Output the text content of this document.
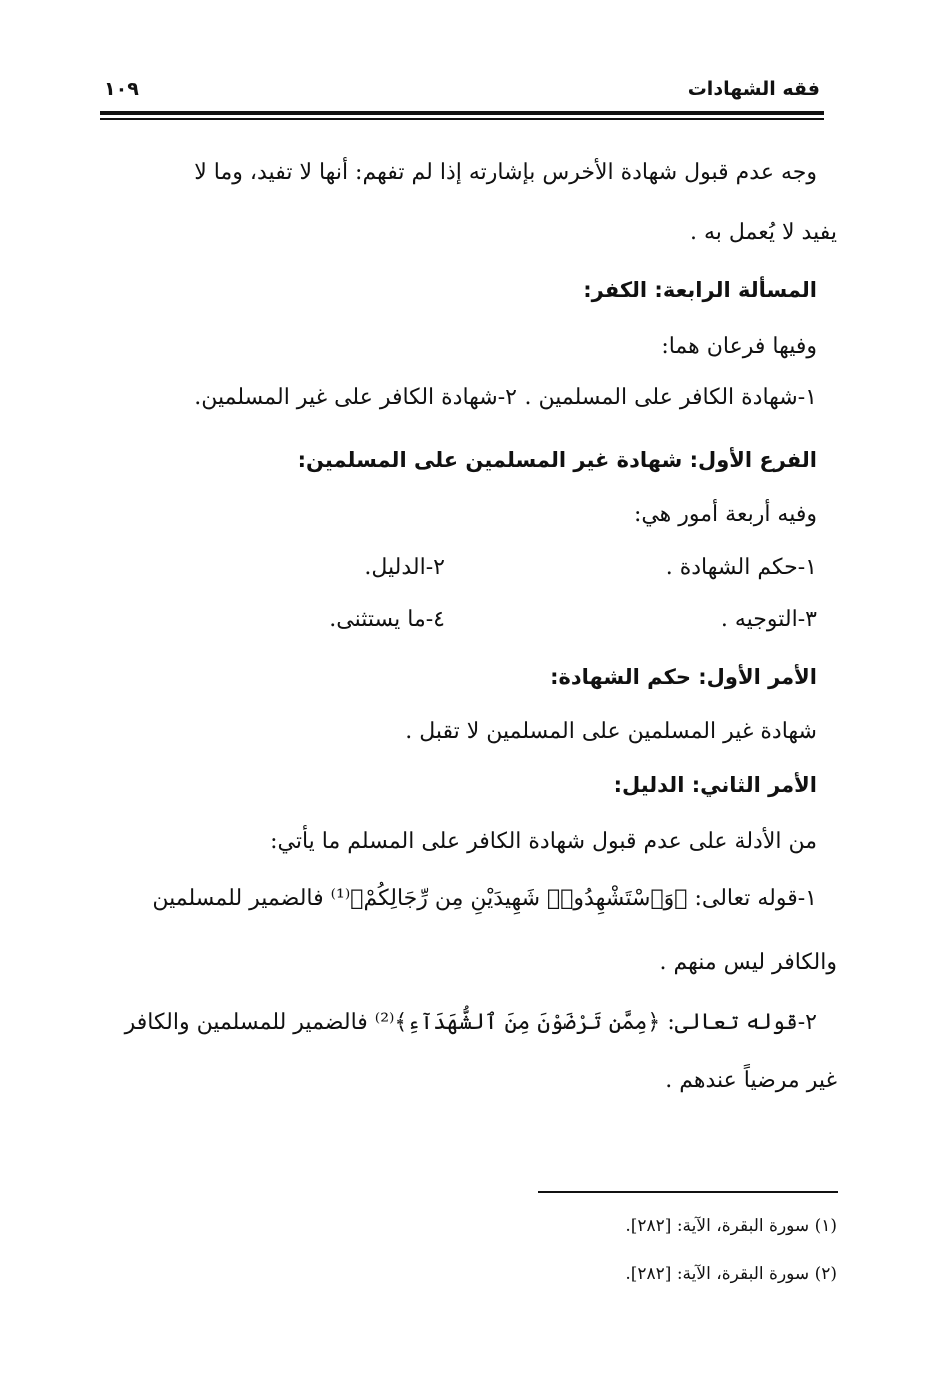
فقه الشهادات
١٠٩
وجه عدم قبول شهادة الأخرس بإشارته إذا لم تفهم: أنها لا تفيد، وما لا
يفيد لا يُعمل به .
المسألة الرابعة: الكفر:
وفيها فرعان هما:
١-شهادة الكافر على المسلمين .
٢-شهادة الكافر على غير المسلمين.
الفرع الأول: شهادة غير المسلمين على المسلمين:
وفيه أربعة أمور هي:
١-حكم الشهادة .
٢-الدليل.
٣-التوجيه .
٤-ما يستثنى.
الأمر الأول: حكم الشهادة:
شهادة غير المسلمين على المسلمين لا تقبل .
الأمر الثاني: الدليل:
من الأدلة على عدم قبول شهادة الكافر على المسلم ما يأتي:
١-قوله تعالى: ﴿وَٱسْتَشْهِدُوا۟ شَهِيدَيْنِ مِن رِّجَالِكُمْ﴾⁽¹⁾ فالضمير للمسلمين
والكافر ليس منهم .
٢-قوله تعالى: ﴿مِمَّن تَرْضَوْنَ مِنَ ٱلشُّهَدَآءِ﴾⁽²⁾ فالضمير للمسلمين والكافر
غير مرضياً عندهم .
(١) سورة البقرة، الآية: [٢٨٢].
(٢) سورة البقرة، الآية: [٢٨٢].
